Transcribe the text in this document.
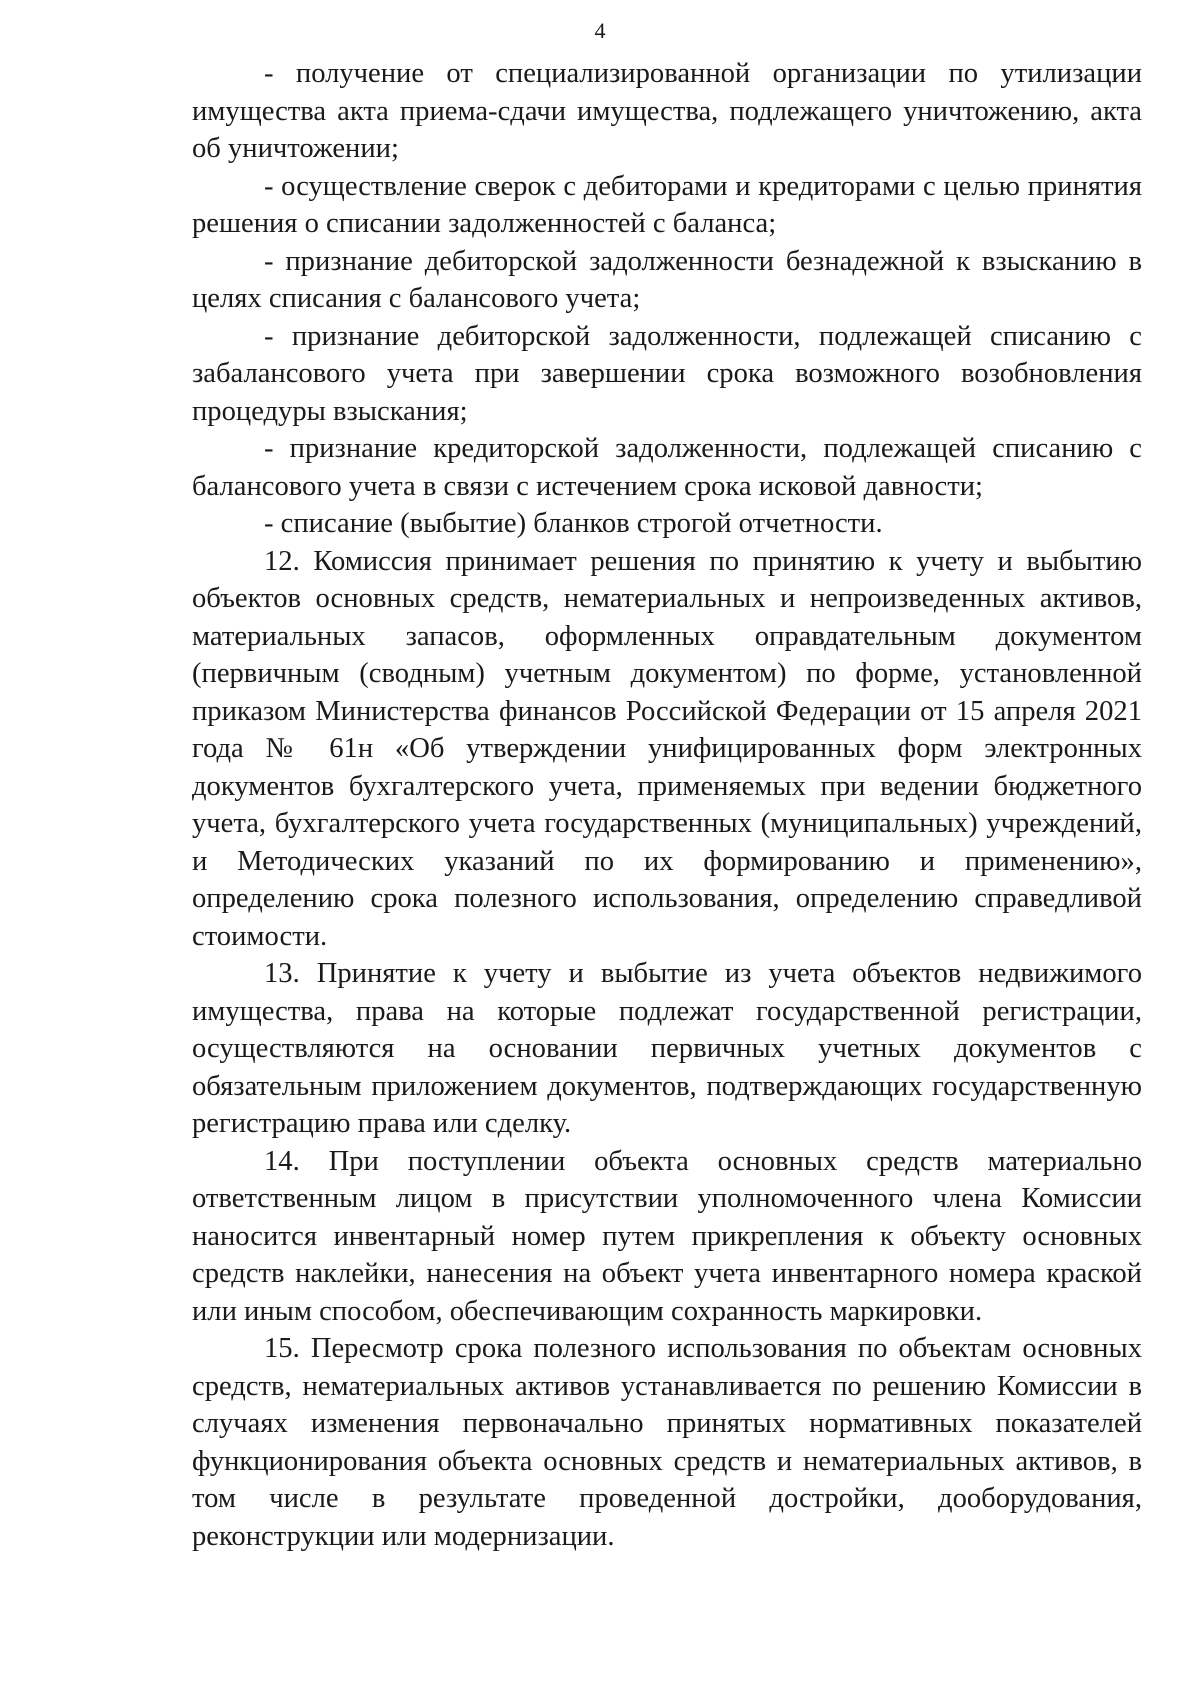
4

- получение от специализированной организации по утилизации имущества акта приема-сдачи имущества, подлежащего уничтожению, акта об уничтожении;

- осуществление сверок с дебиторами и кредиторами с целью принятия решения о списании задолженностей с баланса;

- признание дебиторской задолженности безнадежной к взысканию в целях списания с балансового учета;

- признание дебиторской задолженности, подлежащей списанию с забалансового учета при завершении срока возможного возобновления процедуры взыскания;

- признание кредиторской задолженности, подлежащей списанию с балансового учета в связи с истечением срока исковой давности;

- списание (выбытие) бланков строгой отчетности.

12. Комиссия принимает решения по принятию к учету и выбытию объектов основных средств, нематериальных и непроизведенных активов, материальных запасов, оформленных оправдательным документом (первичным (сводным) учетным документом) по форме, установленной приказом Министерства финансов Российской Федерации от 15 апреля 2021 года № 61н «Об утверждении унифицированных форм электронных документов бухгалтерского учета, применяемых при ведении бюджетного учета, бухгалтерского учета государственных (муниципальных) учреждений, и Методических указаний по их формированию и применению», определению срока полезного использования, определению справедливой стоимости.

13. Принятие к учету и выбытие из учета объектов недвижимого имущества, права на которые подлежат государственной регистрации, осуществляются на основании первичных учетных документов с обязательным приложением документов, подтверждающих государственную регистрацию права или сделку.

14. При поступлении объекта основных средств материально ответственным лицом в присутствии уполномоченного члена Комиссии наносится инвентарный номер путем прикрепления к объекту основных средств наклейки, нанесения на объект учета инвентарного номера краской или иным способом, обеспечивающим сохранность маркировки.

15. Пересмотр срока полезного использования по объектам основных средств, нематериальных активов устанавливается по решению Комиссии в случаях изменения первоначально принятых нормативных показателей функционирования объекта основных средств и нематериальных активов, в том числе в результате проведенной достройки, дооборудования, реконструкции или модернизации.
